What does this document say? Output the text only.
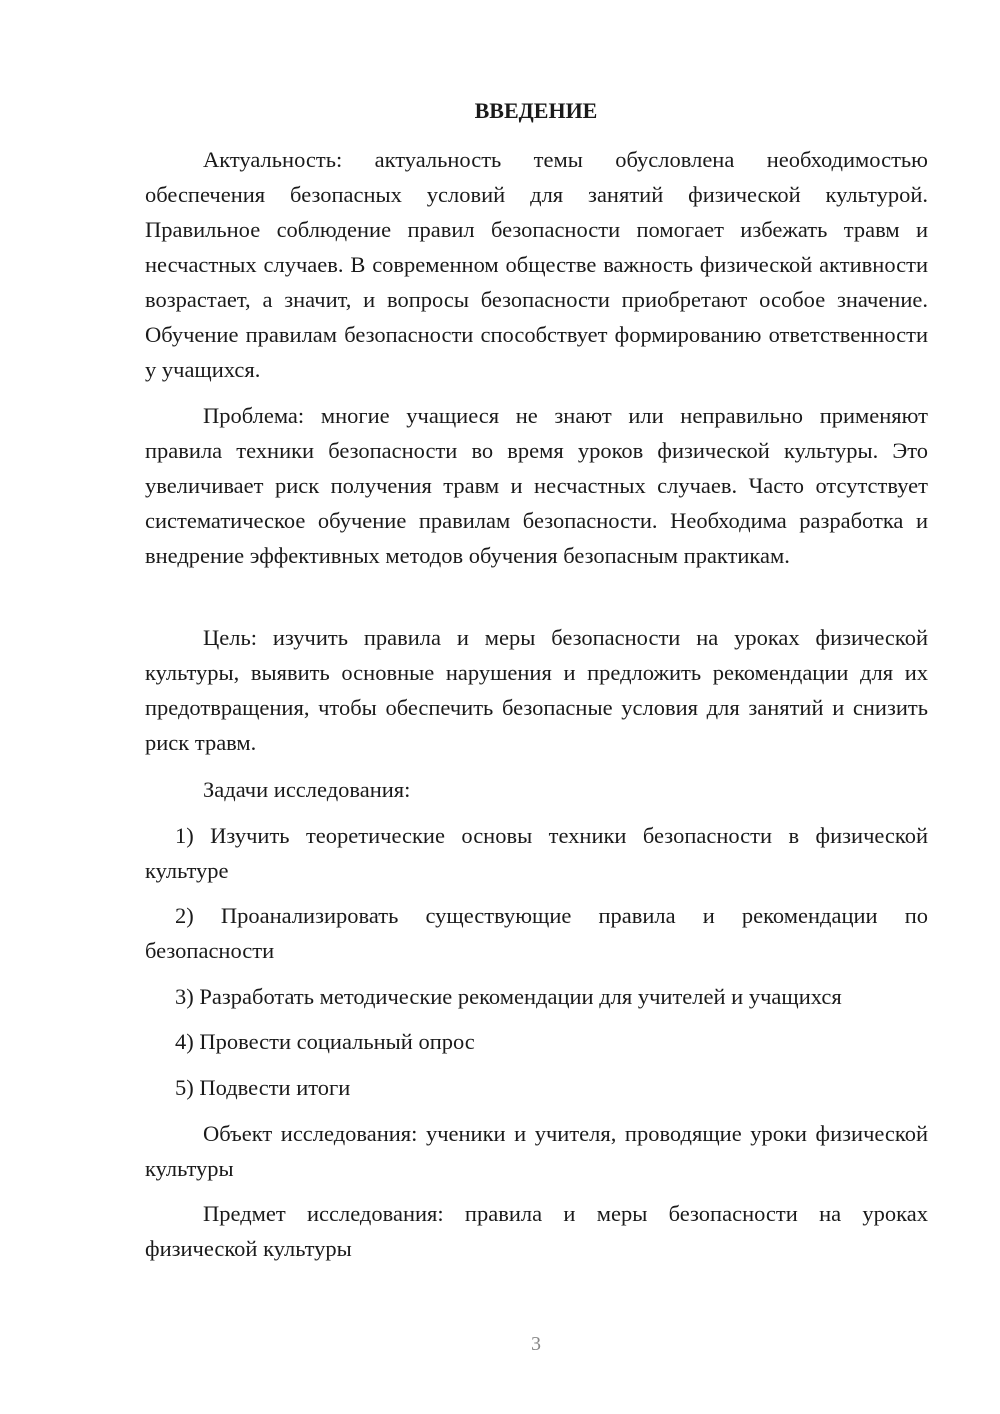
ВВЕДЕНИЕ

Актуальность: актуальность темы обусловлена необходимостью обеспечения безопасных условий для занятий физической культурой. Правильное соблюдение правил безопасности помогает избежать травм и несчастных случаев. В современном обществе важность физической активности возрастает, а значит, и вопросы безопасности приобретают особое значение. Обучение правилам безопасности способствует формированию ответственности у учащихся.

Проблема: многие учащиеся не знают или неправильно применяют правила техники безопасности во время уроков физической культуры. Это увеличивает риск получения травм и несчастных случаев. Часто отсутствует систематическое обучение правилам безопасности. Необходима разработка и внедрение эффективных методов обучения безопасным практикам.

Цель: изучить правила и меры безопасности на уроках физической культуры, выявить основные нарушения и предложить рекомендации для их предотвращения, чтобы обеспечить безопасные условия для занятий и снизить риск травм.

Задачи исследования:

1) Изучить теоретические основы техники безопасности в физической культуре

2) Проанализировать существующие правила и рекомендации по безопасности

3) Разработать методические рекомендации для учителей и учащихся

4) Провести социальный опрос

5) Подвести итоги

Объект исследования: ученики и учителя, проводящие уроки физической культуры

Предмет исследования: правила и меры безопасности на уроках физической культуры

3
